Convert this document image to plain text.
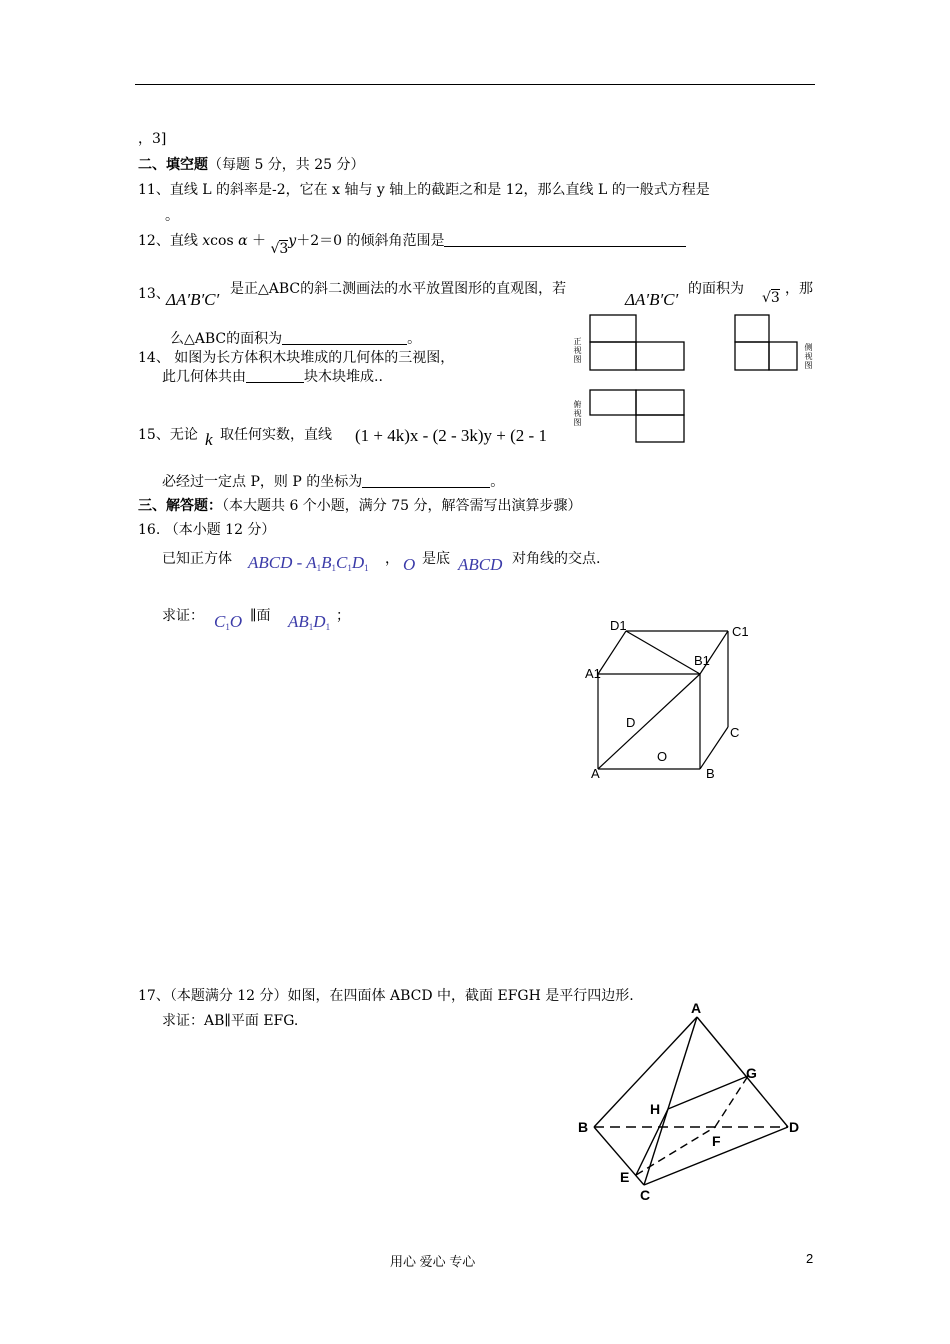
，3]
二、填空题（每题 5 分，共 25 分）
11、直线 L 的斜率是-2，它在 x 轴与 y 轴上的截距之和是 12，那么直线 L 的一般式方程是
。
12、直线 xcos α ＋ √3y＋2＝0 的倾斜角范围是
13、
ΔA′B′C′
是正△ABC的斜二测画法的水平放置图形的直观图，若
ΔA′B′C′
的面积为
√3
，那
么△ABC的面积为	。
14、 如图为长方体积木块堆成的几何体的三视图，
此几何体共由	块木块堆成..
正视图
侧视图
俯视图
15、无论 k 取任何实数，直线 (1 + 4k)x - (2 - 3k)y + (2 - 1
必经过一定点 P，则 P 的坐标为	。
三、解答题：（本大题共 6 个小题，满分 75 分，解答需写出演算步骤）
16. （本小题 12 分）
已知正方体 ABCD - $A_1B_1C_1D_1$
， O 是底 ABCD 对角线的交点.
求证： $C_1O$ ∥面 $AB_1D_1$
；
D1	C1
A1
B1
D
C
O
A	B
17、（本题满分 12 分）如图，在四面体 ABCD 中，截面 EFGH 是平行四边形.
求证：AB∥平面 EFG.
A
G
H
B
F
D
E
C
用心 爱心 专心	2
